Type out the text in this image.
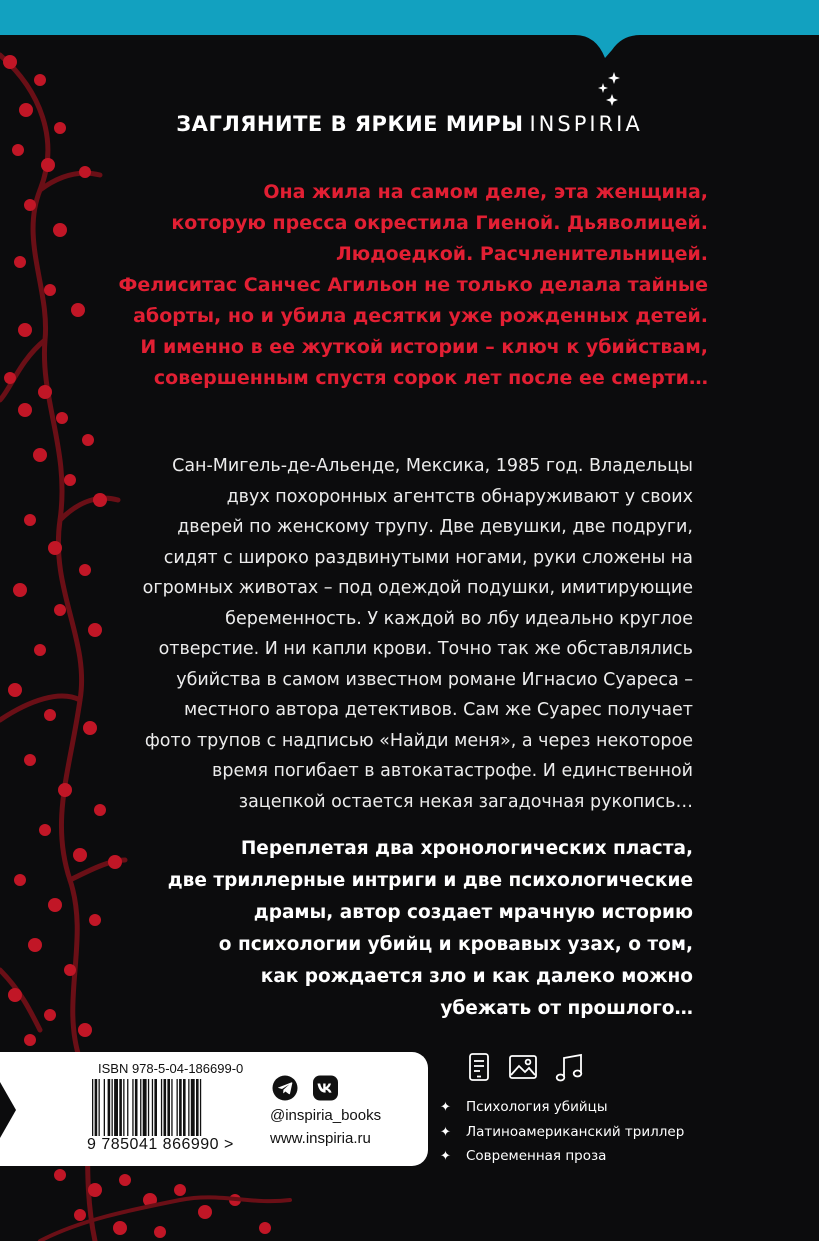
ЗАГЛЯНИТЕ В ЯРКИЕ МИРЫ INSPIRIA

Она жила на самом деле, эта женщина,

которую пресса окрестила Гиеной. Дьяволицей.

Людоедкой. Расчленительницей.

Фелиситас Санчес Агильон не только делала тайные

аборты, но и убила десятки уже рожденных детей.

И именно в ее жуткой истории – ключ к убийствам,

совершенным спустя сорок лет после ее смерти…

Сан-Мигель-де-Альенде, Мексика, 1985 год. Владельцы

двух похоронных агентств обнаруживают у своих

дверей по женскому трупу. Две девушки, две подруги,

сидят с широко раздвинутыми ногами, руки сложены на

огромных животах – под одеждой подушки, имитирующие

беременность. У каждой во лбу идеально круглое

отверстие. И ни капли крови. Точно так же обставлялись

убийства в самом известном романе Игнасио Суареса –

местного автора детективов. Сам же Суарес получает

фото трупов с надписью «Найди меня», а через некоторое

время погибает в автокатастрофе. И единственной

зацепкой остается некая загадочная рукопись…

Переплетая два хронологических пласта,

две триллерные интриги и две психологические

драмы, автор создает мрачную историю

о психологии убийц и кровавых узах, о том,

как рождается зло и как далеко можно

убежать от прошлого…

ISBN 978-5-04-186699-0
9 785041 866990 >
@inspiria_books
www.inspiria.ru
✦ Психология убийцы
✦ Латиноамериканский триллер
✦ Современная проза
